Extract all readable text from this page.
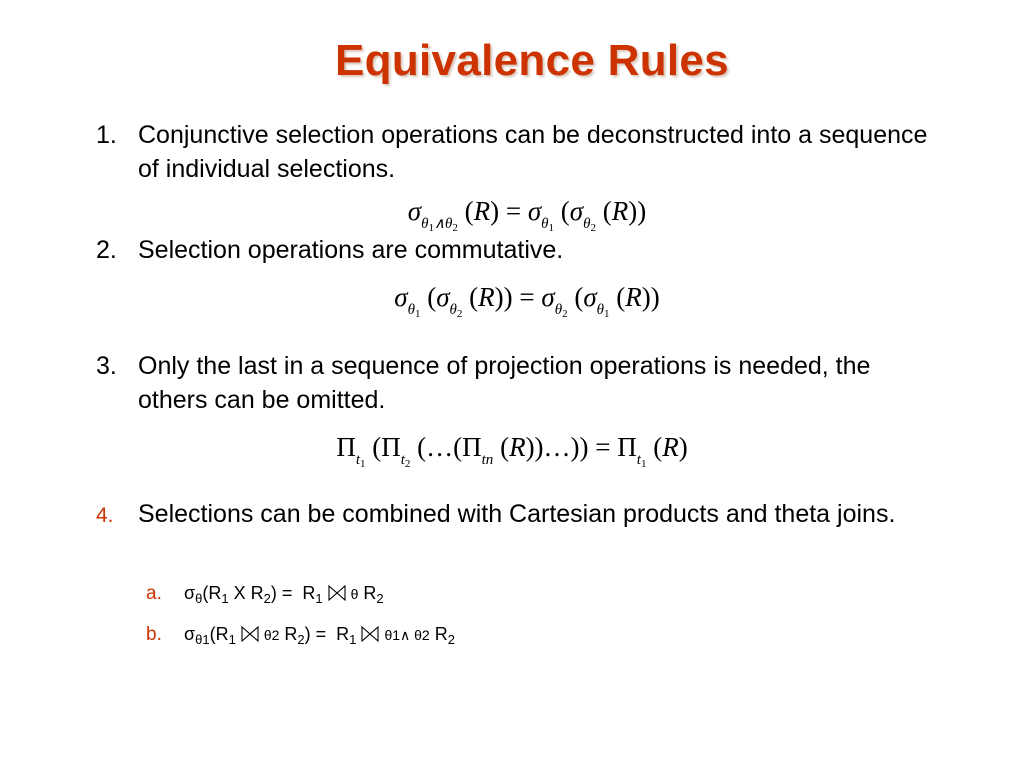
Equivalence Rules
1. Conjunctive selection operations can be deconstructed into a sequence of individual selections.
$\sigma_{\theta_1\wedge\theta_2}$ $(R) = \sigma_{\theta_1}$ ($\sigma_{\theta_2}$ (R))
2. Selection operations are commutative.
$\sigma_{\theta_1}$ ($\sigma_{\theta_2}$ $(R)) = \sigma_{\theta_2}$ ($\sigma_{\theta_1}$ (R))
3. Only the last in a sequence of projection operations is needed, the others can be omitted.
$\Pi_{t_1}$ ($\Pi_{t_2}$ ($\dots(\Pi_{tn}$ (R))…)) = $\Pi_{t_1}$ (R)
4. Selections can be combined with Cartesian products and theta joins.
a. $\sigma_\theta(R_1$ X $R_2) = R_1$ θ $R_2$
b. $\sigma_{\theta 1}(R_1$ θ2 $R_2) = R_1$ θ1∧ θ2 $R_2$
